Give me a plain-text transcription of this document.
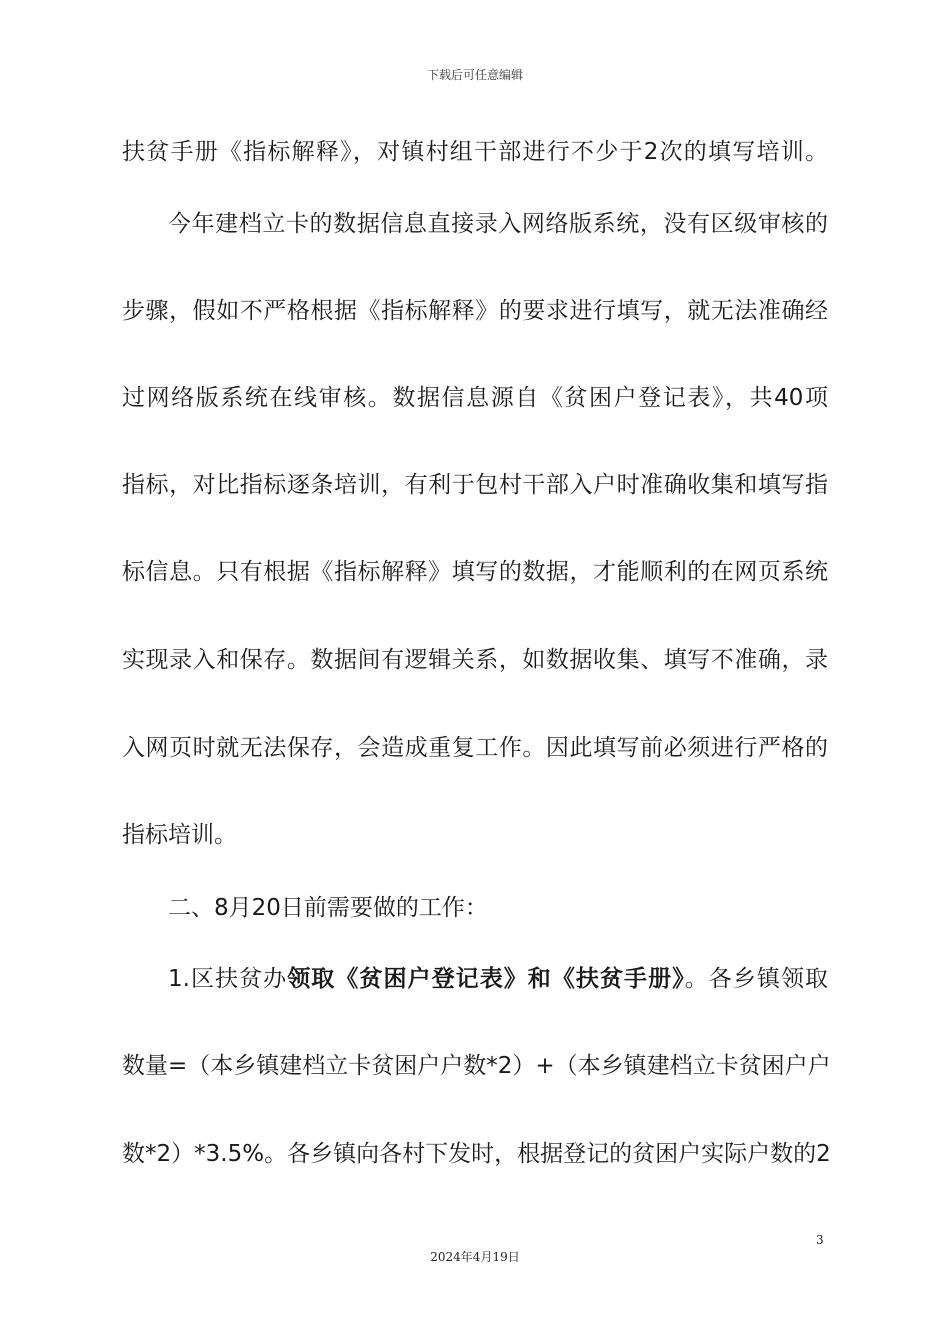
下载后可任意编辑
扶贫手册《指标解释》，对镇村组干部进行不少于2次的填写培训。
今年建档立卡的数据信息直接录入网络版系统，没有区级审核的
步骤，假如不严格根据《指标解释》的要求进行填写，就无法准确经
过网络版系统在线审核。数据信息源自《贫困户登记表》，共40项
指标，对比指标逐条培训，有利于包村干部入户时准确收集和填写指
标信息。只有根据《指标解释》填写的数据，才能顺利的在网页系统
实现录入和保存。数据间有逻辑关系，如数据收集、填写不准确，录
入网页时就无法保存，会造成重复工作。因此填写前必须进行严格的
指标培训。
二、8月20日前需要做的工作：
1.区扶贫办领取《贫困户登记表》和《扶贫手册》。各乡镇领取
数量=（本乡镇建档立卡贫困户户数*2）+（本乡镇建档立卡贫困户户
数*2）*3.5%。各乡镇向各村下发时，根据登记的贫困户实际户数的2
3
2024年4月19日
